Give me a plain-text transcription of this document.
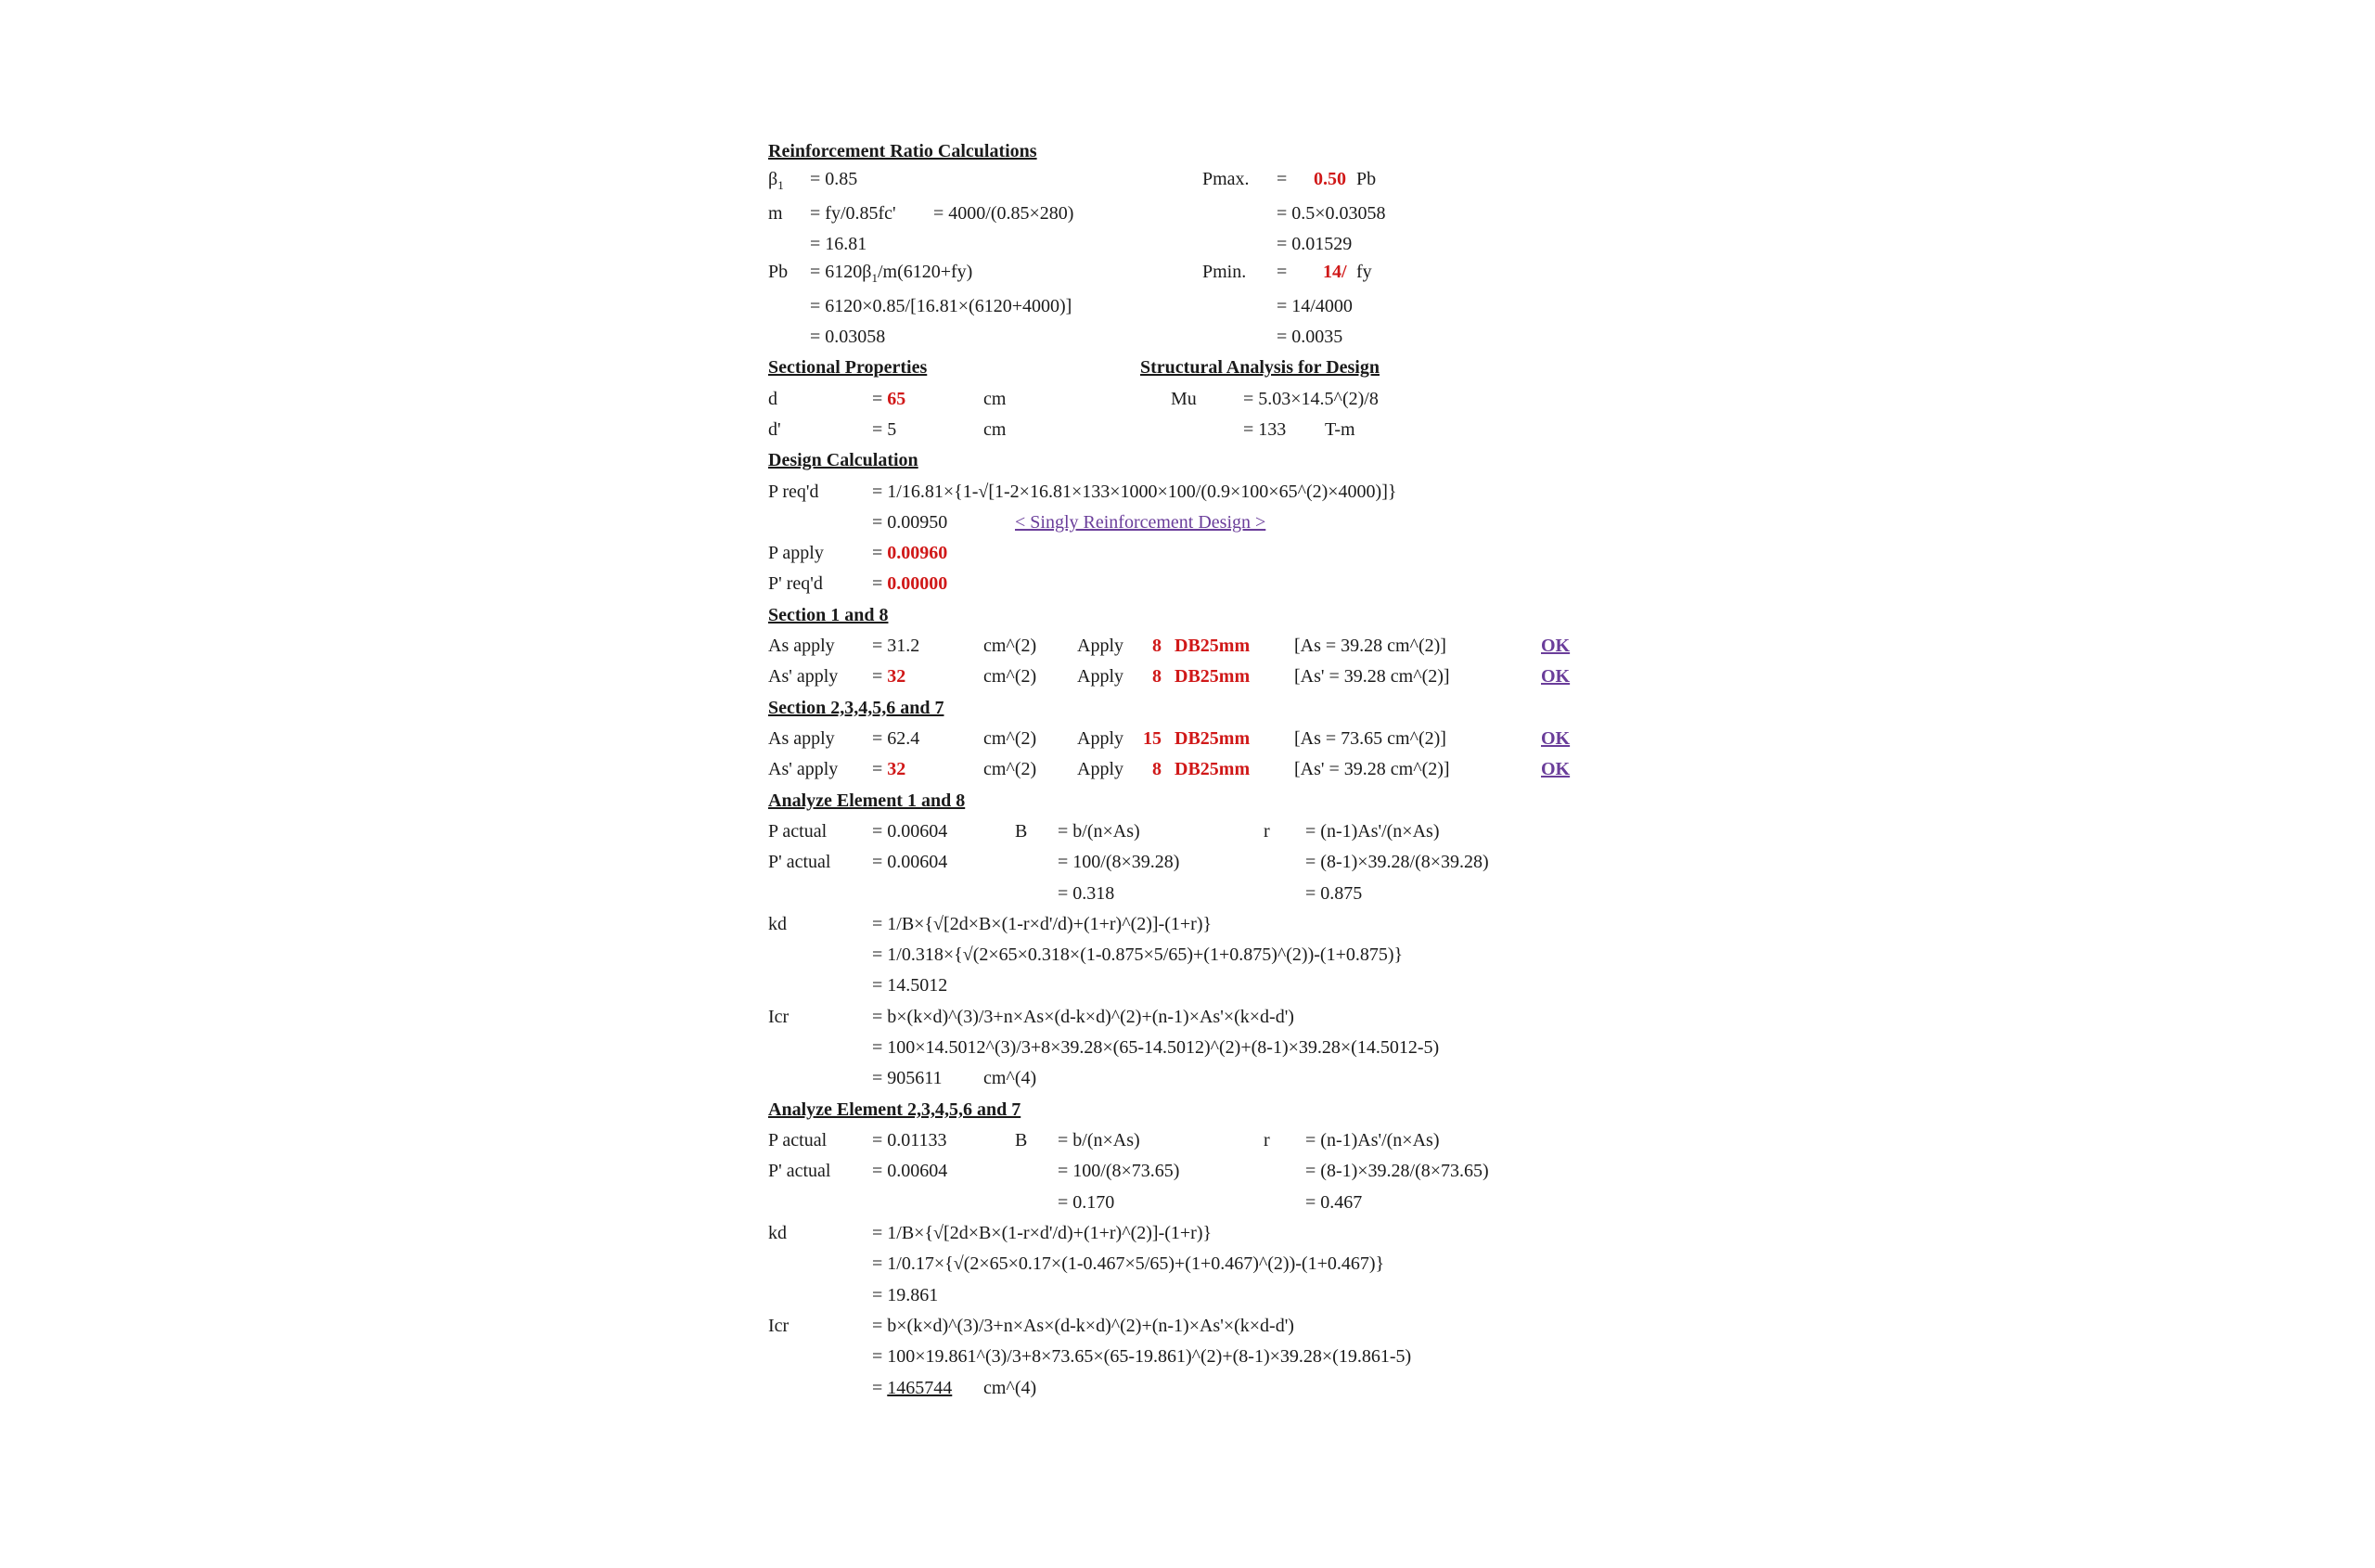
Reinforcement Ratio Calculations
$\beta_1 = 0.85$
m = fy/0.85fc' = 4000/(0.85×280)
= 16.81
$Pb = 6120\beta_1/m(6120+fy)$
= 6120×0.85/[16.81×(6120+4000)]
= 0.03058
Pmax. = 0.50 Pb
= 0.5×0.03058
= 0.01529
Pmin. = 14/ fy
= 14/4000
= 0.0035
Sectional Properties	Structural Analysis for Design
d	= 65	cm
d'	= 5	cm
Mu	= 5.03×14.5^(2)/8
= 133 T-m
Design Calculation
P req'd	= 1/16.81×{1-√[1-2×16.81×133×1000×100/(0.9×100×65^(2)×4000)]}
= 0.00950	< Singly Reinforcement Design >
P apply	= 0.00960
P' req'd	= 0.00000
Section 1 and 8
As apply = 31.2	cm^(2) Apply 8 DB25mm [As = 39.28 cm^(2)]	OK
As' apply = 32	cm^(2) Apply 8 DB25mm [As' = 39.28 cm^(2)]	OK
Section 2,3,4,5,6 and 7
As apply = 62.4	cm^(2) Apply 15 DB25mm [As = 73.65 cm^(2)]	OK
As' apply = 32	cm^(2) Apply 8 DB25mm [As' = 39.28 cm^(2)]	OK
Analyze Element 1 and 8
P actual = 0.00604	B = b/(n×As)	r = (n-1)As'/(n×As)
P' actual = 0.00604	= 100/(8×39.28)	= (8-1)×39.28/(8×39.28)
= 0.318	= 0.875
kd	= 1/B×{√[2d×B×(1-r×d'/d)+(1+r)^(2)]-(1+r)}
= 1/0.318×{√(2×65×0.318×(1-0.875×5/65)+(1+0.875)^(2))-(1+0.875)}
= 14.5012
Icr	= b×(k×d)^(3)/3+n×As×(d-k×d)^(2)+(n-1)×As'×(k×d-d')
= 100×14.5012^(3)/3+8×39.28×(65-14.5012)^(2)+(8-1)×39.28×(14.5012-5)
= 905611 cm^(4)
Analyze Element 2,3,4,5,6 and 7
P actual = 0.01133	B = b/(n×As)	r = (n-1)As'/(n×As)
P' actual = 0.00604	= 100/(8×73.65)	= (8-1)×39.28/(8×73.65)
= 0.170	= 0.467
kd	= 1/B×{√[2d×B×(1-r×d'/d)+(1+r)^(2)]-(1+r)}
= 1/0.17×{√(2×65×0.17×(1-0.467×5/65)+(1+0.467)^(2))-(1+0.467)}
= 19.861
Icr	= b×(k×d)^(3)/3+n×As×(d-k×d)^(2)+(n-1)×As'×(k×d-d')
= 100×19.861^(3)/3+8×73.65×(65-19.861)^(2)+(8-1)×39.28×(19.861-5)
= 1465744 cm^(4)
